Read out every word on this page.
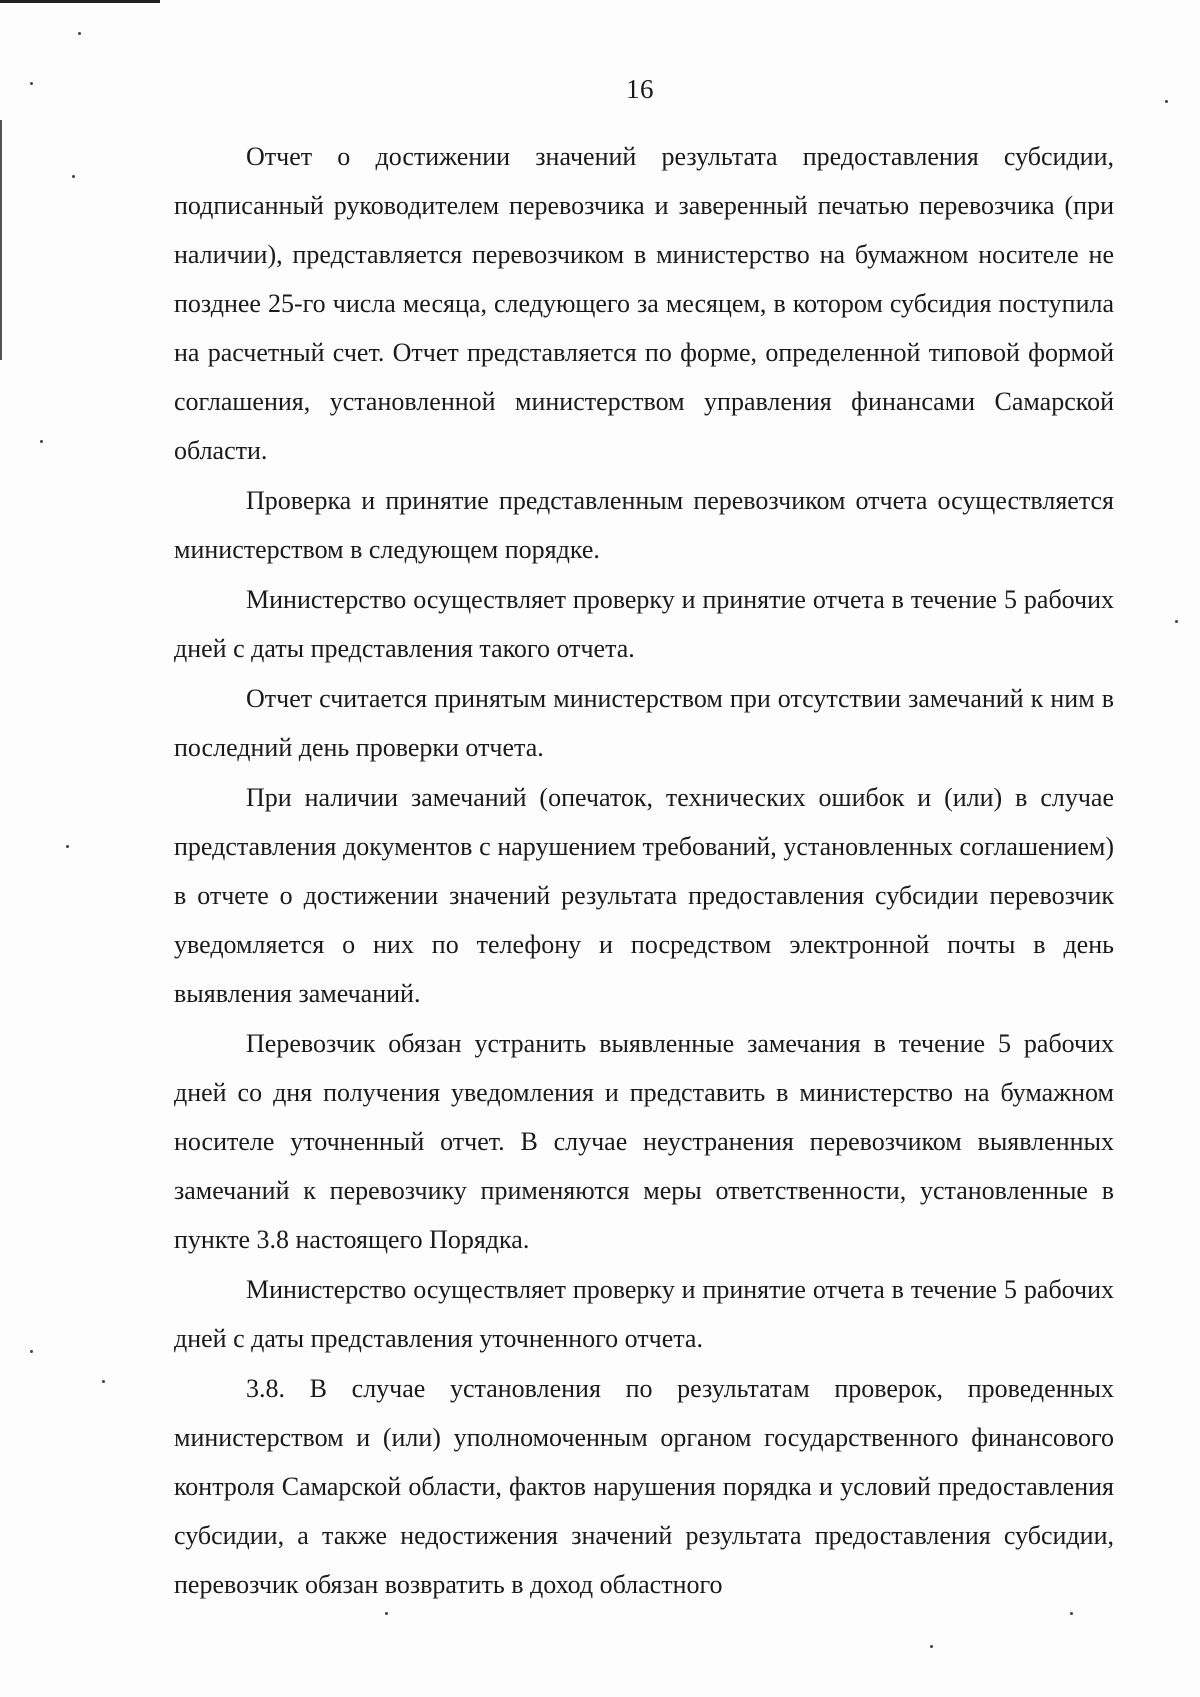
16

Отчет о достижении значений результата предоставления субсидии, подписанный руководителем перевозчика и заверенный печатью перевозчика (при наличии), представляется перевозчиком в министерство на бумажном носителе не позднее 25-го числа месяца, следующего за месяцем, в котором субсидия поступила на расчетный счет. Отчет представляется по форме, определенной типовой формой соглашения, установленной министерством управления финансами Самарской области.

Проверка и принятие представленным перевозчиком отчета осуществляется министерством в следующем порядке.

Министерство осуществляет проверку и принятие отчета в течение 5 рабочих дней с даты представления такого отчета.

Отчет считается принятым министерством при отсутствии замечаний к ним в последний день проверки отчета.

При наличии замечаний (опечаток, технических ошибок и (или) в случае представления документов с нарушением требований, установленных соглашением) в отчете о достижении значений результата предоставления субсидии перевозчик уведомляется о них по телефону и посредством электронной почты в день выявления замечаний.

Перевозчик обязан устранить выявленные замечания в течение 5 рабочих дней со дня получения уведомления и представить в министерство на бумажном носителе уточненный отчет. В случае неустранения перевозчиком выявленных замечаний к перевозчику применяются меры ответственности, установленные в пункте 3.8 настоящего Порядка.

Министерство осуществляет проверку и принятие отчета в течение 5 рабочих дней с даты представления уточненного отчета.

3.8. В случае установления по результатам проверок, проведенных министерством и (или) уполномоченным органом государственного финансового контроля Самарской области, фактов нарушения порядка и условий предоставления субсидии, а также недостижения значений результата предоставления субсидии, перевозчик обязан возвратить в доход областного
